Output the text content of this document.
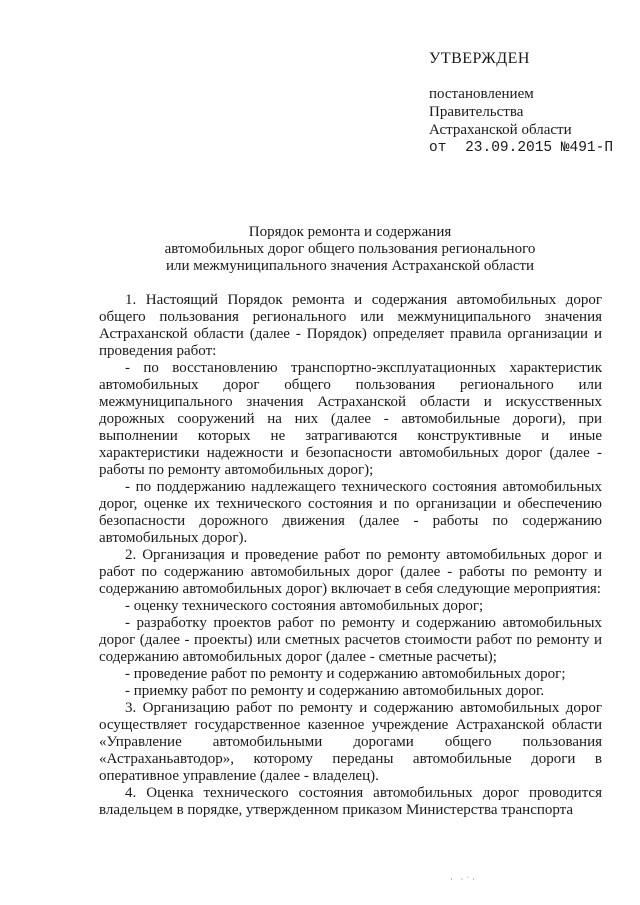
УТВЕРЖДЕН
постановлением
Правительства
Астраханской области
от 23.09.2015 №491-П
Порядок ремонта и содержания
автомобильных дорог общего пользования регионального
или межмуниципального значения Астраханской области

1. Настоящий Порядок ремонта и содержания автомобильных дорог общего пользования регионального или межмуниципального значения Астраханской области (далее - Порядок) определяет правила организации и проведения работ:

- по восстановлению транспортно-эксплуатационных характеристик автомобильных дорог общего пользования регионального или межмуниципального значения Астраханской области и искусственных дорожных сооружений на них (далее - автомобильные дороги), при выполнении которых не затрагиваются конструктивные и иные характеристики надежности и безопасности автомобильных дорог (далее - работы по ремонту автомобильных дорог);

- по поддержанию надлежащего технического состояния автомобильных дорог, оценке их технического состояния и по организации и обеспечению безопасности дорожного движения (далее - работы по содержанию автомобильных дорог).

2. Организация и проведение работ по ремонту автомобильных дорог и работ по содержанию автомобильных дорог (далее - работы по ремонту и содержанию автомобильных дорог) включает в себя следующие мероприятия:

- оценку технического состояния автомобильных дорог;

- разработку проектов работ по ремонту и содержанию автомобильных дорог (далее - проекты) или сметных расчетов стоимости работ по ремонту и содержанию автомобильных дорог (далее - сметные расчеты);

- проведение работ по ремонту и содержанию автомобильных дорог;

- приемку работ по ремонту и содержанию автомобильных дорог.

3. Организацию работ по ремонту и содержанию автомобильных дорог осуществляет государственное казенное учреждение Астраханской области «Управление автомобильными дорогами общего пользования «Астраханьавтодор», которому переданы автомобильные дороги в оперативное управление (далее - владелец).

4. Оценка технического состояния автомобильных дорог проводится владельцем в порядке, утвержденном приказом Министерства транспорта

· ·˙·
